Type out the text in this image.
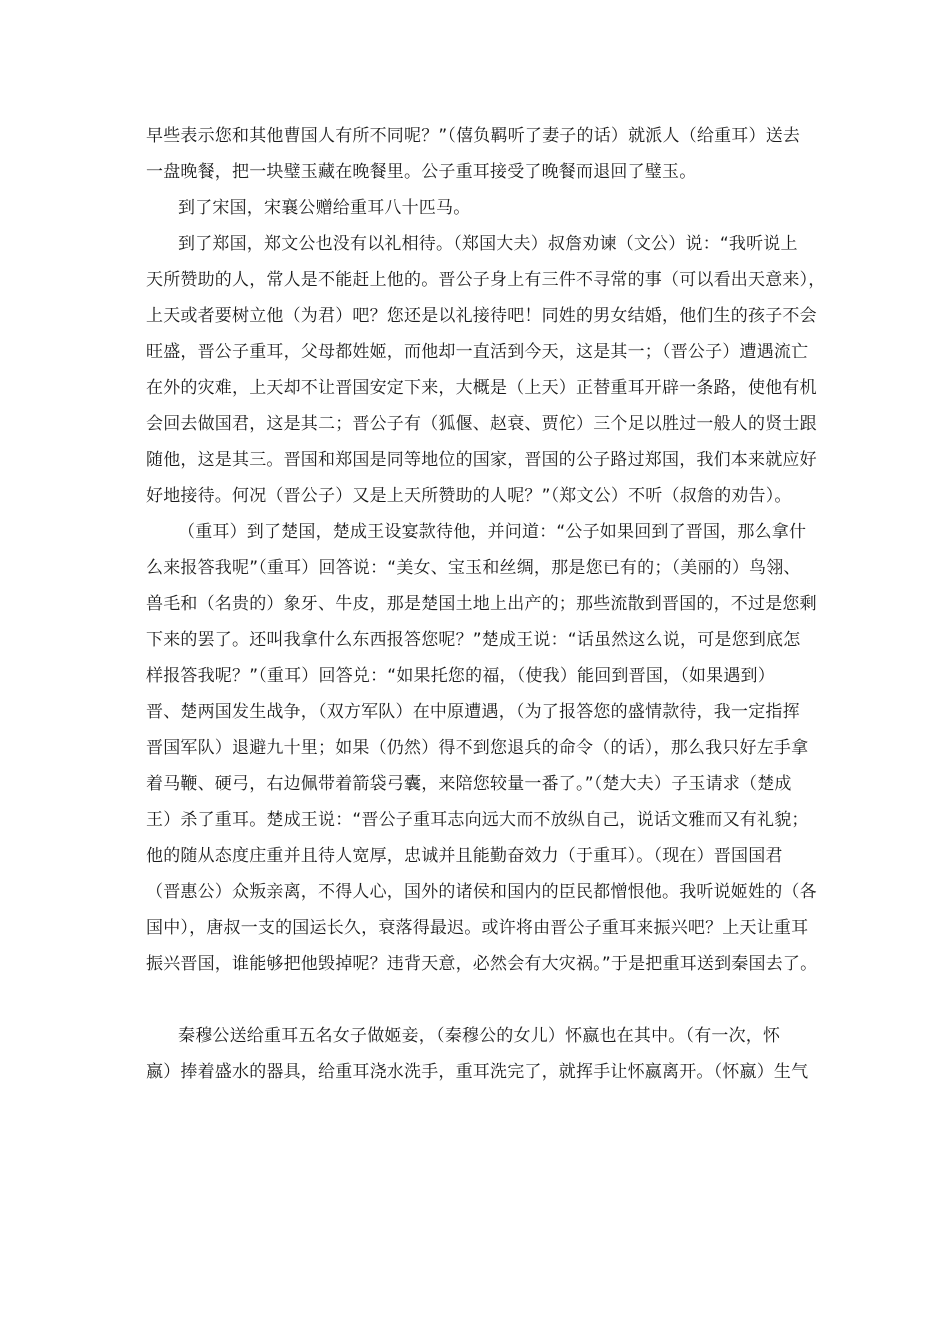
早些表示您和其他曹国人有所不同呢？”（僖负羁听了妻子的话）就派人（给重耳）送去
一盘晚餐，把一块璧玉藏在晚餐里。公子重耳接受了晚餐而退回了璧玉。
到了宋国，宋襄公赠给重耳八十匹马。
到了郑国，郑文公也没有以礼相待。（郑国大夫）叔詹劝谏（文公）说：“我听说上
天所赞助的人，常人是不能赶上他的。晋公子身上有三件不寻常的事（可以看出天意来），
上天或者要树立他（为君）吧？您还是以礼接待吧！同姓的男女结婚，他们生的孩子不会
旺盛，晋公子重耳，父母都姓姬，而他却一直活到今天，这是其一；（晋公子）遭遇流亡
在外的灾难，上天却不让晋国安定下来，大概是（上天）正替重耳开辟一条路，使他有机
会回去做国君，这是其二；晋公子有（狐偃、赵衰、贾佗）三个足以胜过一般人的贤士跟
随他，这是其三。晋国和郑国是同等地位的国家，晋国的公子路过郑国，我们本来就应好
好地接待。何况（晋公子）又是上天所赞助的人呢？”（郑文公）不听（叔詹的劝告）。
（重耳）到了楚国，楚成王设宴款待他，并问道：“公子如果回到了晋国，那么拿什
么来报答我呢”（重耳）回答说：“美女、宝玉和丝绸，那是您已有的；（美丽的）鸟翎、
兽毛和（名贵的）象牙、牛皮，那是楚国土地上出产的；那些流散到晋国的，不过是您剩
下来的罢了。还叫我拿什么东西报答您呢？”楚成王说：“话虽然这么说，可是您到底怎
样报答我呢？”（重耳）回答兑：“如果托您的福，（使我）能回到晋国，（如果遇到）
晋、楚两国发生战争，（双方军队）在中原遭遇，（为了报答您的盛情款待，我一定指挥
晋国军队）退避九十里；如果（仍然）得不到您退兵的命令（的话），那么我只好左手拿
着马鞭、硬弓，右边佩带着箭袋弓囊，来陪您较量一番了。”（楚大夫）子玉请求（楚成
王）杀了重耳。楚成王说：“晋公子重耳志向远大而不放纵自己，说话文雅而又有礼貌；
他的随从态度庄重并且待人宽厚，忠诚并且能勤奋效力（于重耳）。（现在）晋国国君
（晋惠公）众叛亲离，不得人心，国外的诸侯和国内的臣民都憎恨他。我听说姬姓的（各
国中），唐叔一支的国运长久，衰落得最迟。或许将由晋公子重耳来振兴吧？上天让重耳
振兴晋国，谁能够把他毁掉呢？违背天意，必然会有大灾祸。”于是把重耳送到秦国去了。
秦穆公送给重耳五名女子做姬妾，（秦穆公的女儿）怀嬴也在其中。（有一次，怀
嬴）捧着盛水的器具，给重耳浇水洗手，重耳洗完了，就挥手让怀嬴离开。（怀嬴）生气
